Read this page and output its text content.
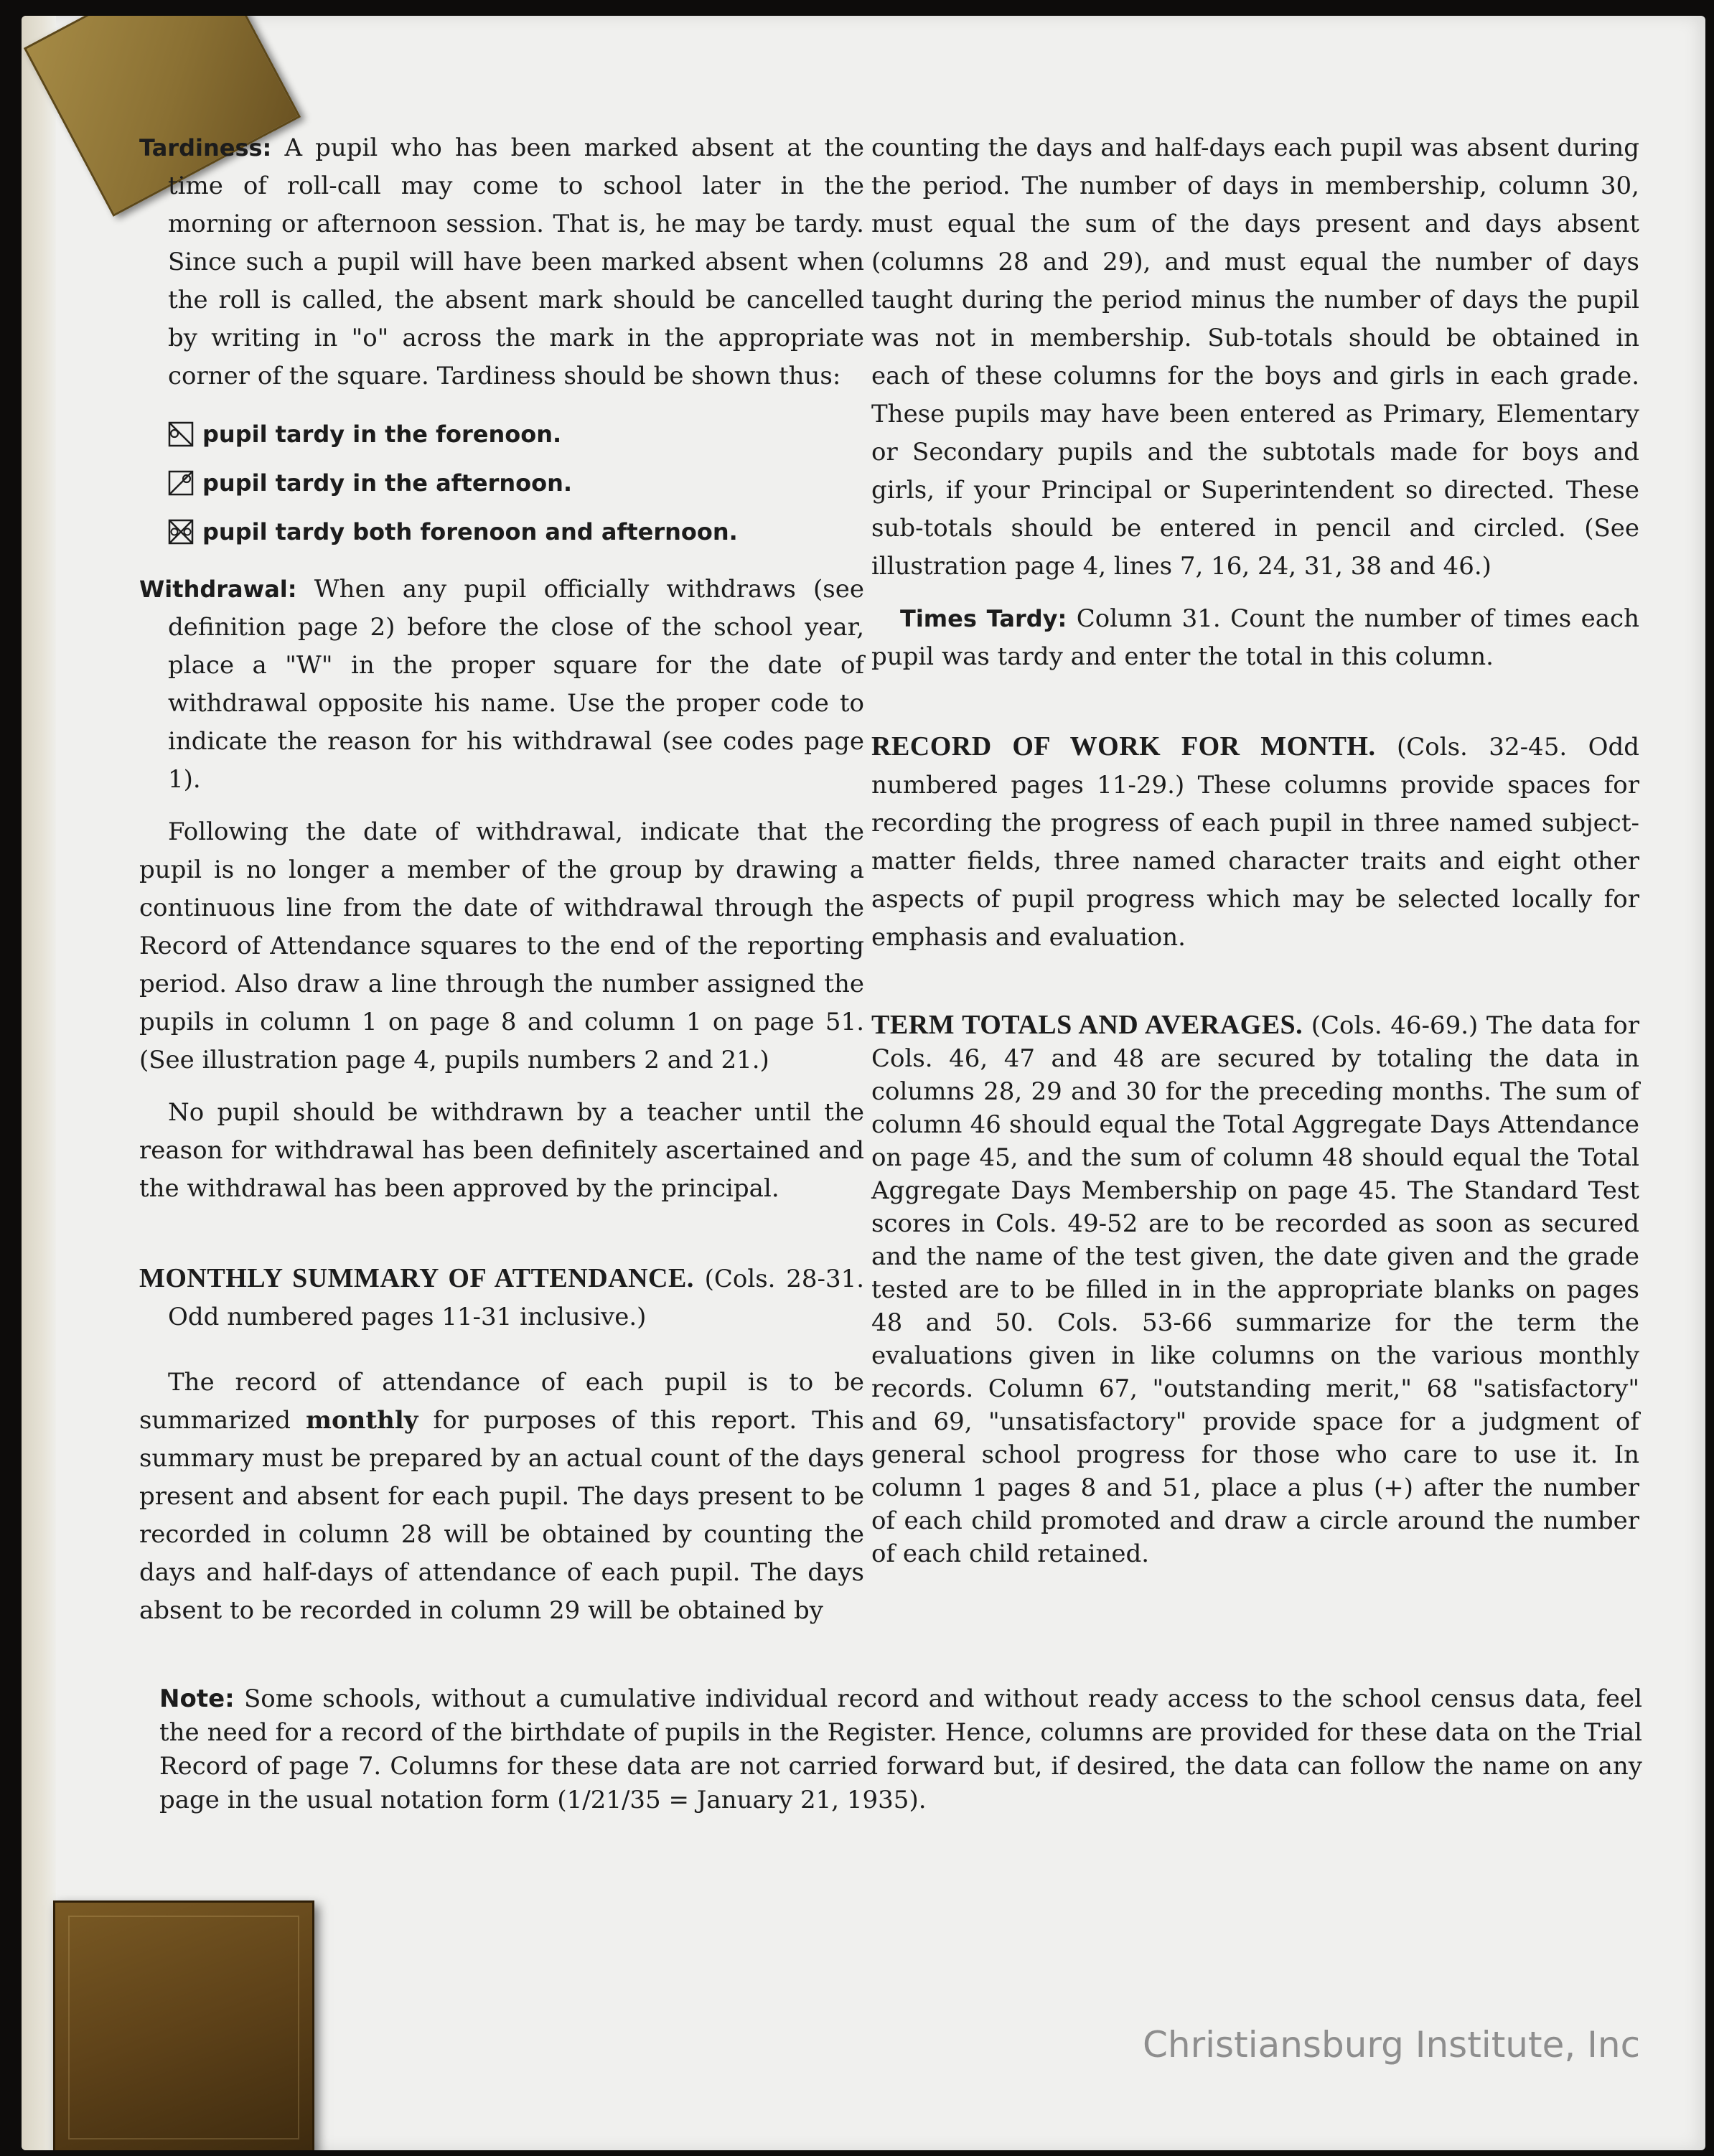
Tardiness: A pupil who has been marked absent at the time of roll-call may come to school later in the morning or afternoon session. That is, he may be tardy. Since such a pupil will have been marked absent when the roll is called, the absent mark should be cancelled by writing in "o" across the mark in the appropriate corner of the square. Tardiness should be shown thus:

pupil tardy in the forenoon.
pupil tardy in the afternoon.
pupil tardy both forenoon and afternoon.

Withdrawal: When any pupil officially withdraws (see definition page 2) before the close of the school year, place a "W" in the proper square for the date of withdrawal opposite his name. Use the proper code to indicate the reason for his withdrawal (see codes page 1).

Following the date of withdrawal, indicate that the pupil is no longer a member of the group by drawing a continuous line from the date of withdrawal through the Record of Attendance squares to the end of the reporting period. Also draw a line through the number assigned the pupils in column 1 on page 8 and column 1 on page 51. (See illustration page 4, pupils numbers 2 and 21.)

No pupil should be withdrawn by a teacher until the reason for withdrawal has been definitely ascertained and the withdrawal has been approved by the principal.

MONTHLY SUMMARY OF ATTENDANCE. (Cols. 28-31. Odd numbered pages 11-31 inclusive.)

The record of attendance of each pupil is to be summarized monthly for purposes of this report. This summary must be prepared by an actual count of the days present and absent for each pupil. The days present to be recorded in column 28 will be obtained by counting the days and half-days of attendance of each pupil. The days absent to be recorded in column 29 will be obtained by

counting the days and half-days each pupil was absent during the period. The number of days in membership, column 30, must equal the sum of the days present and days absent (columns 28 and 29), and must equal the number of days taught during the period minus the number of days the pupil was not in membership. Sub-totals should be obtained in each of these columns for the boys and girls in each grade. These pupils may have been entered as Primary, Elementary or Secondary pupils and the subtotals made for boys and girls, if your Principal or Superintendent so directed. These sub-totals should be entered in pencil and circled. (See illustration page 4, lines 7, 16, 24, 31, 38 and 46.)

Times Tardy: Column 31. Count the number of times each pupil was tardy and enter the total in this column.

RECORD OF WORK FOR MONTH. (Cols. 32-45. Odd numbered pages 11-29.) These columns provide spaces for recording the progress of each pupil in three named subject-matter fields, three named character traits and eight other aspects of pupil progress which may be selected locally for emphasis and evaluation.

TERM TOTALS AND AVERAGES. (Cols. 46-69.) The data for Cols. 46, 47 and 48 are secured by totaling the data in columns 28, 29 and 30 for the preceding months. The sum of column 46 should equal the Total Aggregate Days Attendance on page 45, and the sum of column 48 should equal the Total Aggregate Days Membership on page 45. The Standard Test scores in Cols. 49-52 are to be recorded as soon as secured and the name of the test given, the date given and the grade tested are to be filled in in the appropriate blanks on pages 48 and 50. Cols. 53-66 summarize for the term the evaluations given in like columns on the various monthly records. Column 67, "outstanding merit," 68 "satisfactory" and 69, "unsatisfactory" provide space for a judgment of general school progress for those who care to use it. In column 1 pages 8 and 51, place a plus (+) after the number of each child promoted and draw a circle around the number of each child retained.

Note: Some schools, without a cumulative individual record and without ready access to the school census data, feel the need for a record of the birthdate of pupils in the Register. Hence, columns are provided for these data on the Trial Record of page 7. Columns for these data are not carried forward but, if desired, the data can follow the name on any page in the usual notation form (1/21/35 = January 21, 1935).
Christiansburg Institute, Inc
